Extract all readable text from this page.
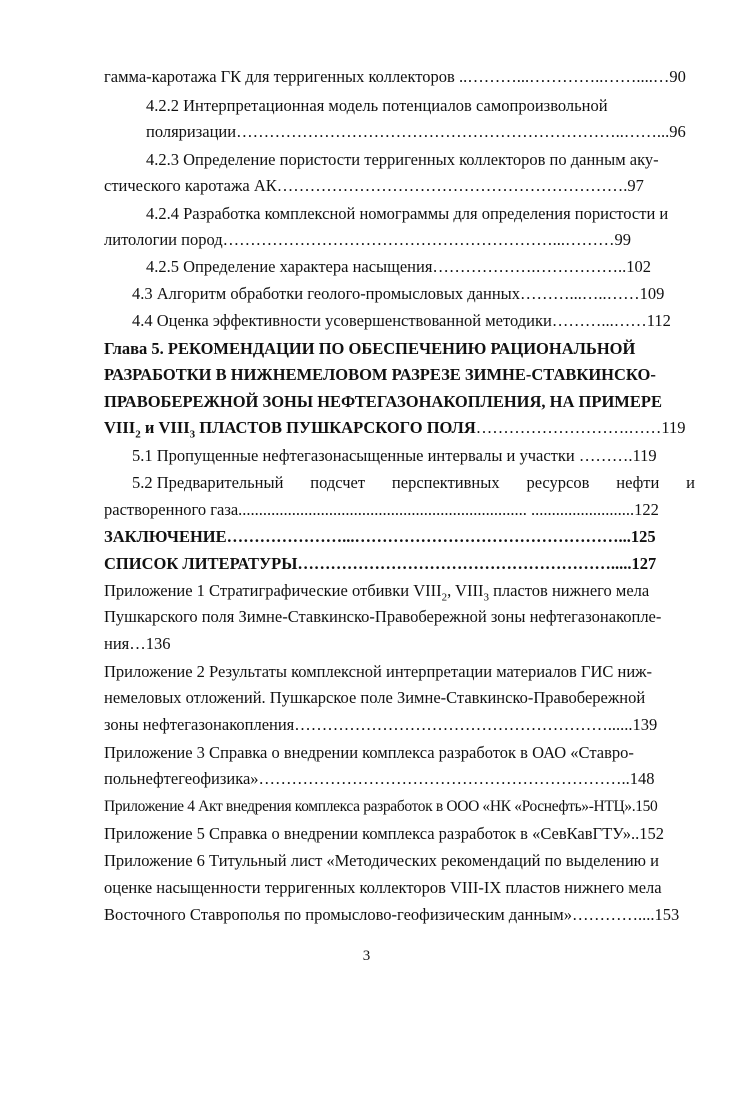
гамма-каротажа ГК для терригенных коллекторов ..………...…………..……....…90
4.2.2 Интерпретационная модель потенциалов самопроизвольной
поляризации……………………………………………………………..……...96
4.2.3 Определение пористости терригенных коллекторов по данным аку-
стического каротажа АК……………………………………………………….97
4.2.4 Разработка комплексной номограммы для определения пористости и
литологии пород……………………………………………………...………99
4.2.5 Определение характера насыщения……………….……………..102
4.3 Алгоритм обработки геолого-промысловых данных………...…..……109
4.4 Оценка эффективности усовершенствованной методики………...……112
Глава 5. РЕКОМЕНДАЦИИ ПО ОБЕСПЕЧЕНИЮ РАЦИОНАЛЬНОЙ
РАЗРАБОТКИ В НИЖНЕМЕЛОВОМ РАЗРЕЗЕ ЗИМНЕ-СТАВКИНСКО-
ПРАВОБЕРЕЖНОЙ ЗОНЫ НЕФТЕГАЗОНАКОПЛЕНИЯ, НА ПРИМЕРЕ
$VIII_2$ и $VIII_3$ ПЛАСТОВ ПУШКАРСКОГО ПОЛЯ……………………….……119
5.1 Пропущенные нефтегазонасыщенные интервалы и участки ……….119
5.2 Предварительный подсчет перспективных ресурсов нефти и
растворенного газа...................................................................... .........................122
ЗАКЛЮЧЕНИЕ…………………...…………………………………………...125
СПИСОК ЛИТЕРАТУРЫ………………………………………………….....127
Приложение 1 Стратиграфические отбивки $VIII_2$, $VIII_3$ пластов нижнего мела
Пушкарского поля Зимне-Ставкинско-Правобережной зоны нефтегазонакопле-
ния…136
Приложение 2 Результаты комплексной интерпретации материалов ГИС ниж-
немеловых отложений. Пушкарское поле Зимне-Ставкинско-Правобережной
зоны нефтегазонакопления…………………………………………………......139
Приложение 3 Справка о внедрении комплекса разработок в ОАО «Ставро-
польнефтегеофизика»…………………………………………………………..148
Приложение 4 Акт внедрения комплекса разработок в ООО «НК «Роснефть»-НТЦ».150
Приложение 5 Справка о внедрении комплекса разработок в «СевКавГТУ»..152
Приложение 6 Титульный лист «Методических рекомендаций по выделению и
оценке насыщенности терригенных коллекторов VIII-IX пластов нижнего мела
Восточного Ставрополья по промыслово-геофизическим данным»…………....153
3
